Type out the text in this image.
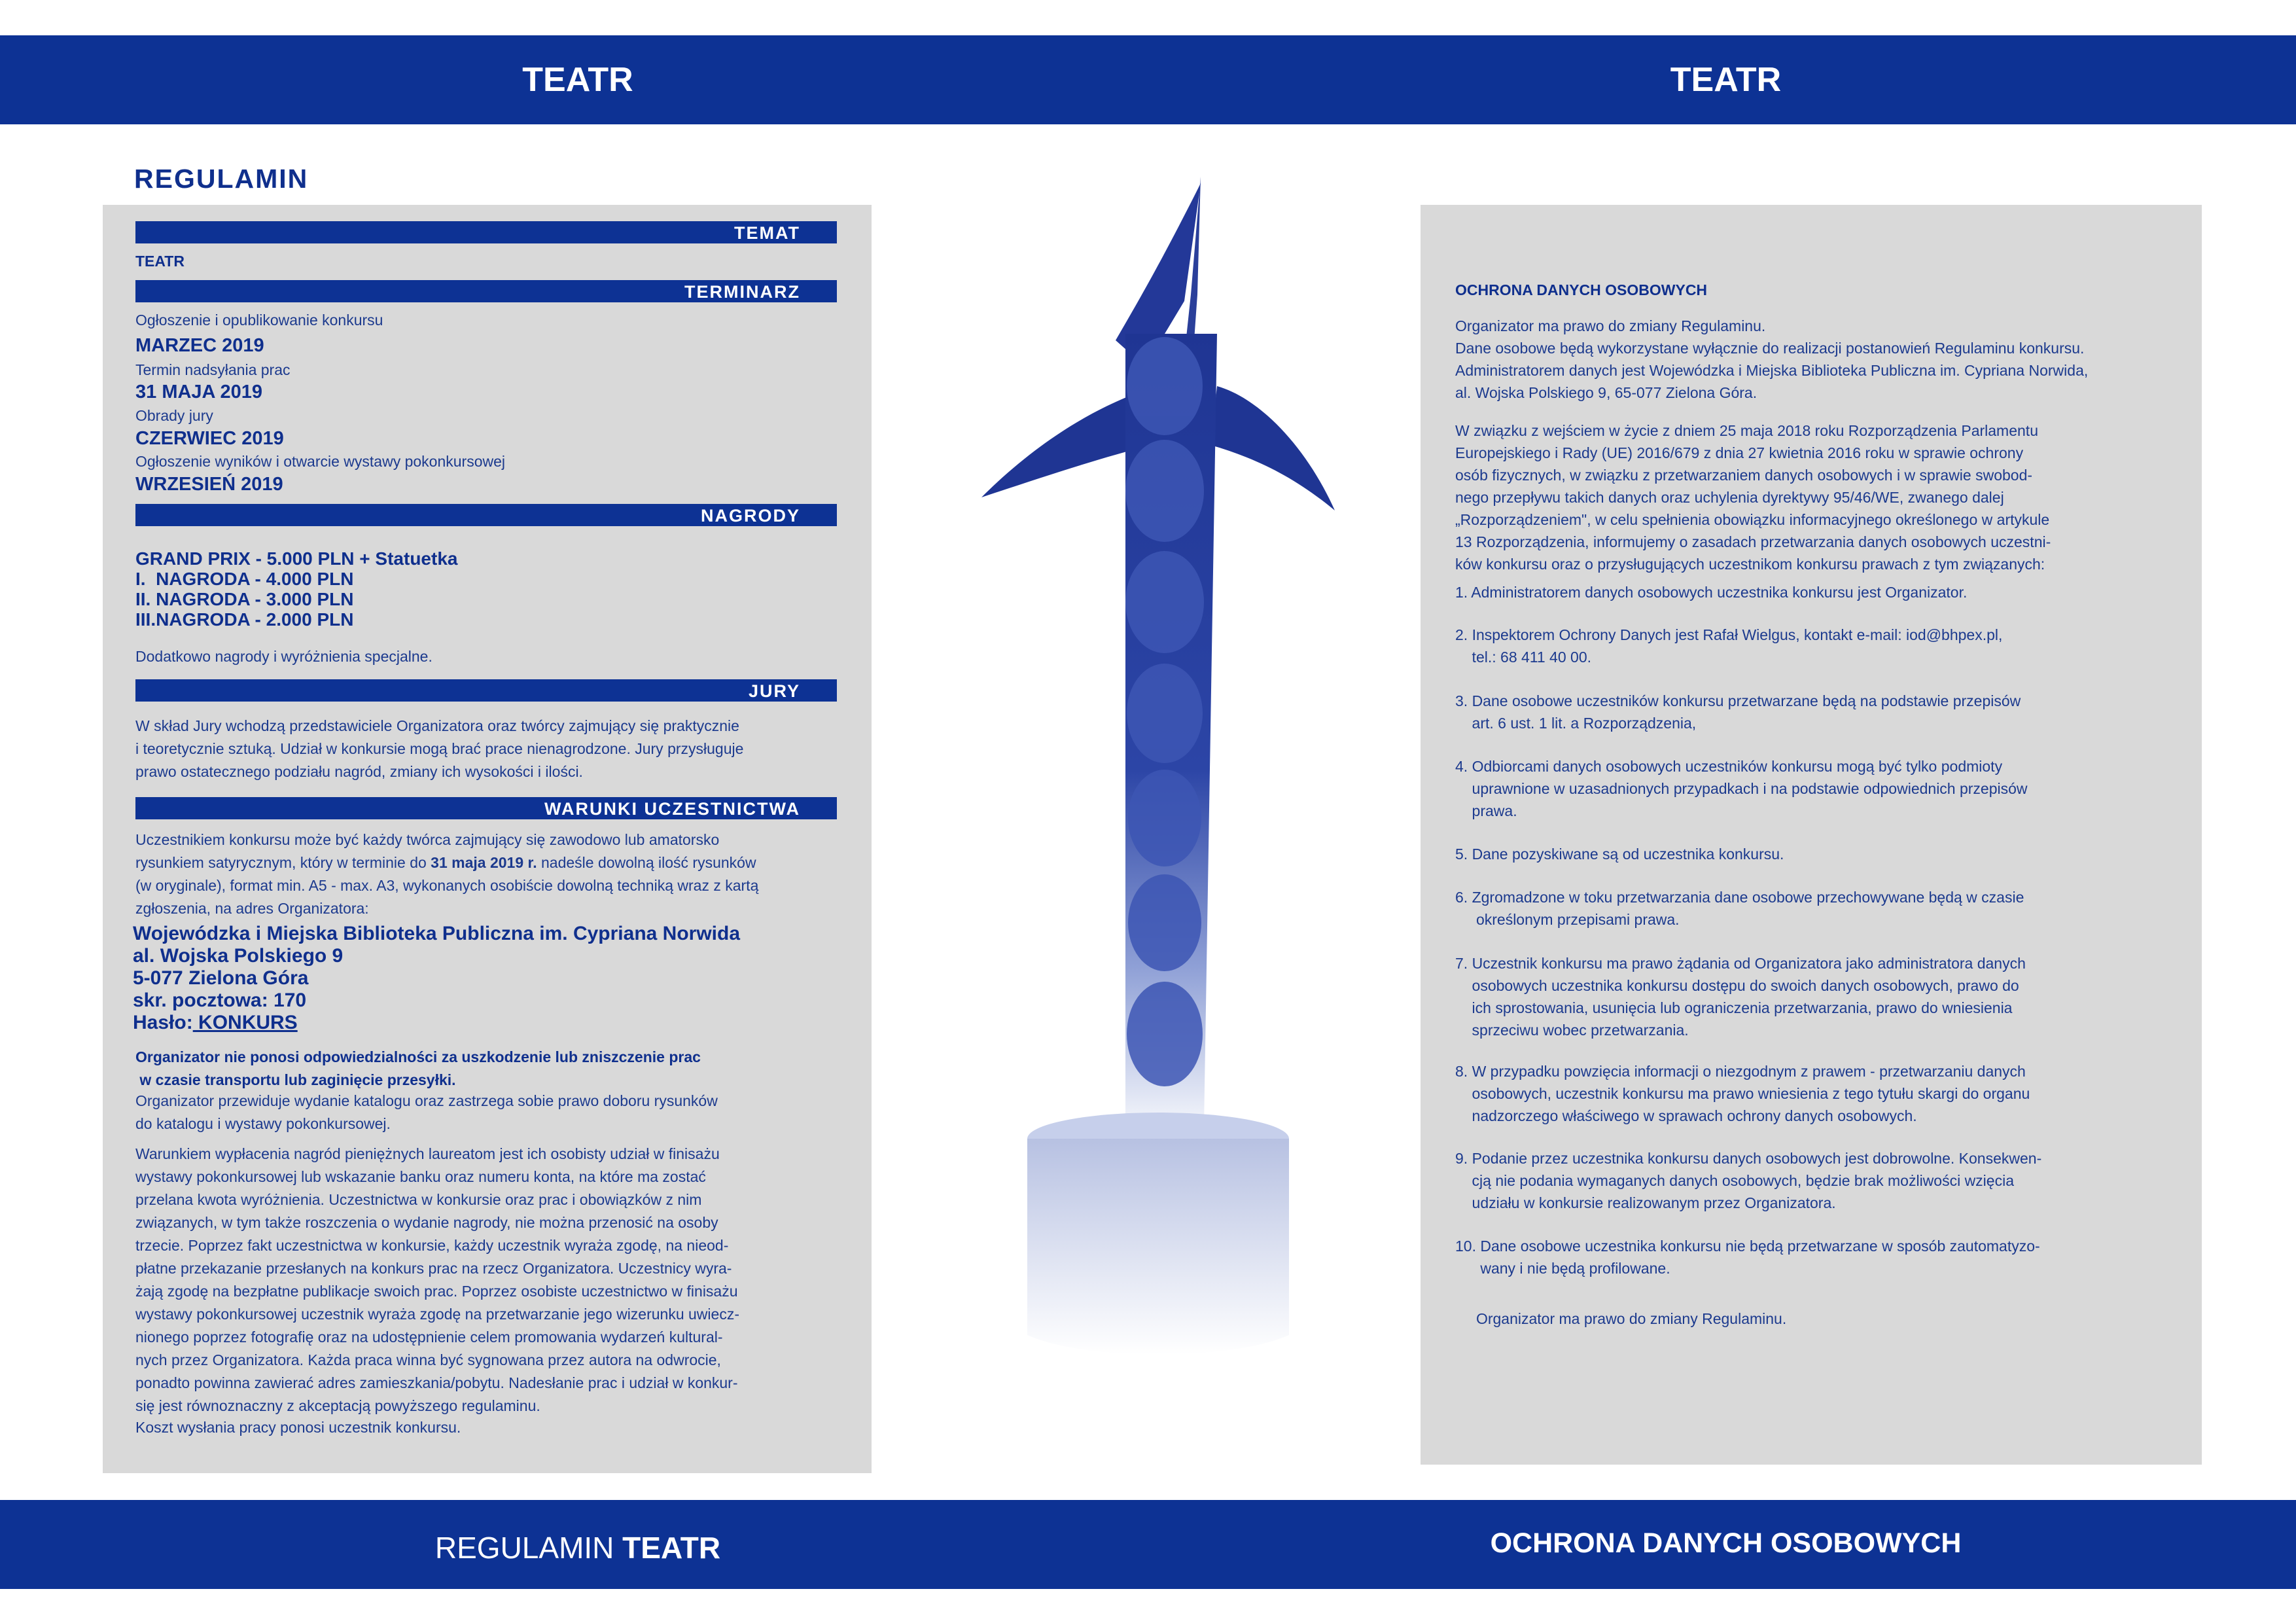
TEATR	TEATR
REGULAMIN TEATR	OCHRONA DANYCH OSOBOWYCH
REGULAMIN
TEMAT
TEATR
TERMINARZ
Ogłoszenie i opublikowanie konkursu
MARZEC 2019
Termin nadsyłania prac
31 MAJA 2019
Obrady jury
CZERWIEC 2019
Ogłoszenie wyników i otwarcie wystawy pokonkursowej
WRZESIEŃ 2019
NAGRODY
GRAND PRIX - 5.000 PLN + Statuetka
I.  NAGRODA - 4.000 PLN
II. NAGRODA - 3.000 PLN
III.NAGRODA - 2.000 PLN
Dodatkowo nagrody i wyróżnienia specjalne.
JURY

W skład Jury wchodzą przedstawiciele Organizatora oraz twórcy zajmujący się praktycznie

i teoretycznie sztuką. Udział w konkursie mogą brać prace nienagrodzone. Jury przysługuje

prawo ostatecznego podziału nagród, zmiany ich wysokości i ilości.

WARUNKI UCZESTNICTWA

Uczestnikiem konkursu może być każdy twórca zajmujący się zawodowo lub amatorsko

rysunkiem satyrycznym, który w terminie do 31 maja 2019 r. nadeśle dowolną ilość rysunków

(w oryginale), format min. A5 - max. A3, wykonanych osobiście dowolną techniką wraz z kartą

zgłoszenia, na adres Organizatora:

Wojewódzka i Miejska Biblioteka Publiczna im. Cypriana Norwida
al. Wojska Polskiego 9
5-077 Zielona Góra
skr. pocztowa: 170
Hasło: KONKURS

Organizator nie ponosi odpowiedzialności za uszkodzenie lub zniszczenie prac

w czasie transportu lub zaginięcie przesyłki.

Organizator przewiduje wydanie katalogu oraz zastrzega sobie prawo doboru rysunków

do katalogu i wystawy pokonkursowej.

Warunkiem wypłacenia nagród pieniężnych laureatom jest ich osobisty udział w finisażu

wystawy pokonkursowej lub wskazanie banku oraz numeru konta, na które ma zostać

przelana kwota wyróżnienia. Uczestnictwa w konkursie oraz prac i obowiązków z nim

związanych, w tym także roszczenia o wydanie nagrody, nie można przenosić na osoby

trzecie. Poprzez fakt uczestnictwa w konkursie, każdy uczestnik wyraża zgodę, na nieod-

płatne przekazanie przesłanych na konkurs prac na rzecz Organizatora. Uczestnicy wyra-

żają zgodę na bezpłatne publikacje swoich prac. Poprzez osobiste uczestnictwo w finisażu

wystawy pokonkursowej uczestnik wyraża zgodę na przetwarzanie jego wizerunku uwiecz-

nionego poprzez fotografię oraz na udostępnienie celem promowania wydarzeń kultural-

nych przez Organizatora. Każda praca winna być sygnowana przez autora na odwrocie,

ponadto powinna zawierać adres zamieszkania/pobytu. Nadesłanie prac i udział w konkur-

się jest równoznaczny z akceptacją powyższego regulaminu.

Koszt wysłania pracy ponosi uczestnik konkursu.
OCHRONA DANYCH OSOBOWYCH

Organizator ma prawo do zmiany Regulaminu.

Dane osobowe będą wykorzystane wyłącznie do realizacji postanowień Regulaminu konkursu.

Administratorem danych jest Wojewódzka i Miejska Biblioteka Publiczna im. Cypriana Norwida,

al. Wojska Polskiego 9, 65-077 Zielona Góra.

W związku z wejściem w życie z dniem 25 maja 2018 roku Rozporządzenia Parlamentu

Europejskiego i Rady (UE) 2016/679 z dnia 27 kwietnia 2016 roku w sprawie ochrony

osób fizycznych, w związku z przetwarzaniem danych osobowych i w sprawie swobod-

nego przepływu takich danych oraz uchylenia dyrektywy 95/46/WE, zwanego dalej

„Rozporządzeniem", w celu spełnienia obowiązku informacyjnego określonego w artykule

13 Rozporządzenia, informujemy o zasadach przetwarzania danych osobowych uczestni-

ków konkursu oraz o przysługujących uczestnikom konkursu prawach z tym związanych:

1. Administratorem danych osobowych uczestnika konkursu jest Organizator.
2. Inspektorem Ochrony Danych jest Rafał Wielgus, kontakt e-mail: iod@bhpex.pl,
tel.: 68 411 40 00.
3. Dane osobowe uczestników konkursu przetwarzane będą na podstawie przepisów
art. 6 ust. 1 lit. a Rozporządzenia,
4. Odbiorcami danych osobowych uczestników konkursu mogą być tylko podmioty
uprawnione w uzasadnionych przypadkach i na podstawie odpowiednich przepisów
prawa.
5. Dane pozyskiwane są od uczestnika konkursu.
6. Zgromadzone w toku przetwarzania dane osobowe przechowywane będą w czasie
określonym przepisami prawa.
7. Uczestnik konkursu ma prawo żądania od Organizatora jako administratora danych
osobowych uczestnika konkursu dostępu do swoich danych osobowych, prawo do
ich sprostowania, usunięcia lub ograniczenia przetwarzania, prawo do wniesienia
sprzeciwu wobec przetwarzania.
8. W przypadku powzięcia informacji o niezgodnym z prawem - przetwarzaniu danych
osobowych, uczestnik konkursu ma prawo wniesienia z tego tytułu skargi do organu
nadzorczego właściwego w sprawach ochrony danych osobowych.
9. Podanie przez uczestnika konkursu danych osobowych jest dobrowolne. Konsekwen-
cją nie podania wymaganych danych osobowych, będzie brak możliwości wzięcia
udziału w konkursie realizowanym przez Organizatora.
10. Dane osobowe uczestnika konkursu nie będą przetwarzane w sposób zautomatyzo-
wany i nie będą profilowane.
Organizator ma prawo do zmiany Regulaminu.
